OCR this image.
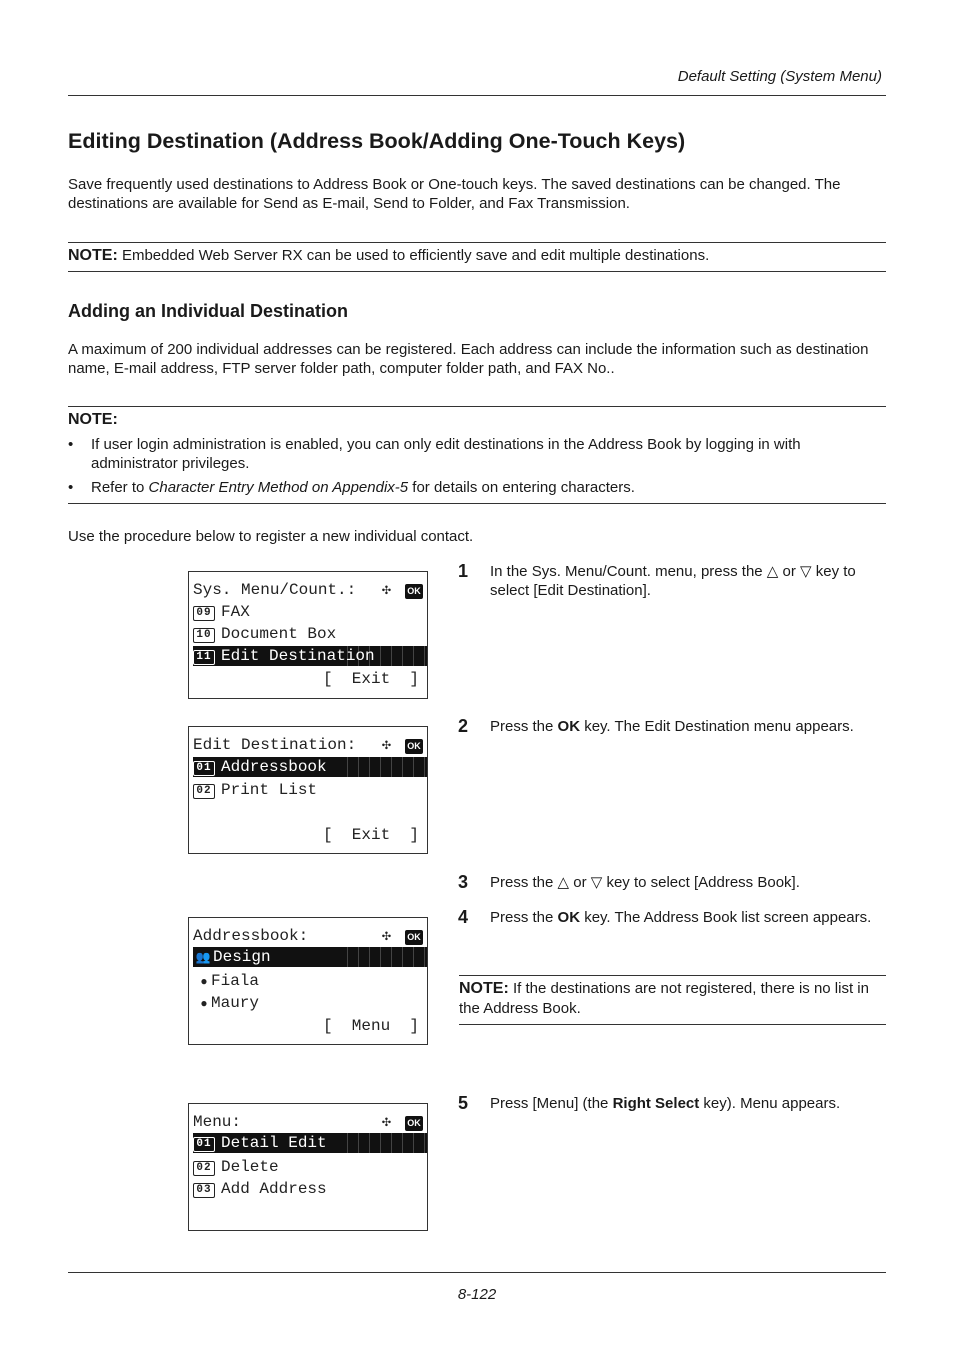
Default Setting (System Menu)
Editing Destination (Address Book/Adding One-Touch Keys)
Save frequently used destinations to Address Book or One-touch keys. The saved destinations can be changed. The destinations are available for Send as E-mail, Send to Folder, and Fax Transmission.
NOTE: Embedded Web Server RX can be used to efficiently save and edit multiple destinations.
Adding an Individual Destination
A maximum of 200 individual addresses can be registered. Each address can include the information such as destination name, E-mail address, FTP server folder path, computer folder path, and FAX No..
NOTE:
• If user login administration is enabled, you can only edit destinations in the Address Book by logging in with administrator privileges.
• Refer to Character Entry Method on Appendix-5 for details on entering characters.
Use the procedure below to register a new individual contact.
Sys. Menu/Count.: ✣ OK
09 FAX
10 Document Box
11 Edit Destination
[  Exit  ]
Edit Destination: ✣ OK
01 Addressbook
02 Print List
[  Exit  ]
Addressbook:	✣ OK
👥 Design
● Fiala
● Maury
[  Menu  ]
Menu:	✣ OK
01 Detail Edit
02 Delete
03 Add Address
1 In the Sys. Menu/Count. menu, press the △ or ▽ key to select [Edit Destination].
2 Press the OK key. The Edit Destination menu appears.
3 Press the △ or ▽ key to select [Address Book].
4 Press the OK key. The Address Book list screen appears.
NOTE: If the destinations are not registered, there is no list in the Address Book.
5 Press [Menu] (the Right Select key). Menu appears.
8-122
